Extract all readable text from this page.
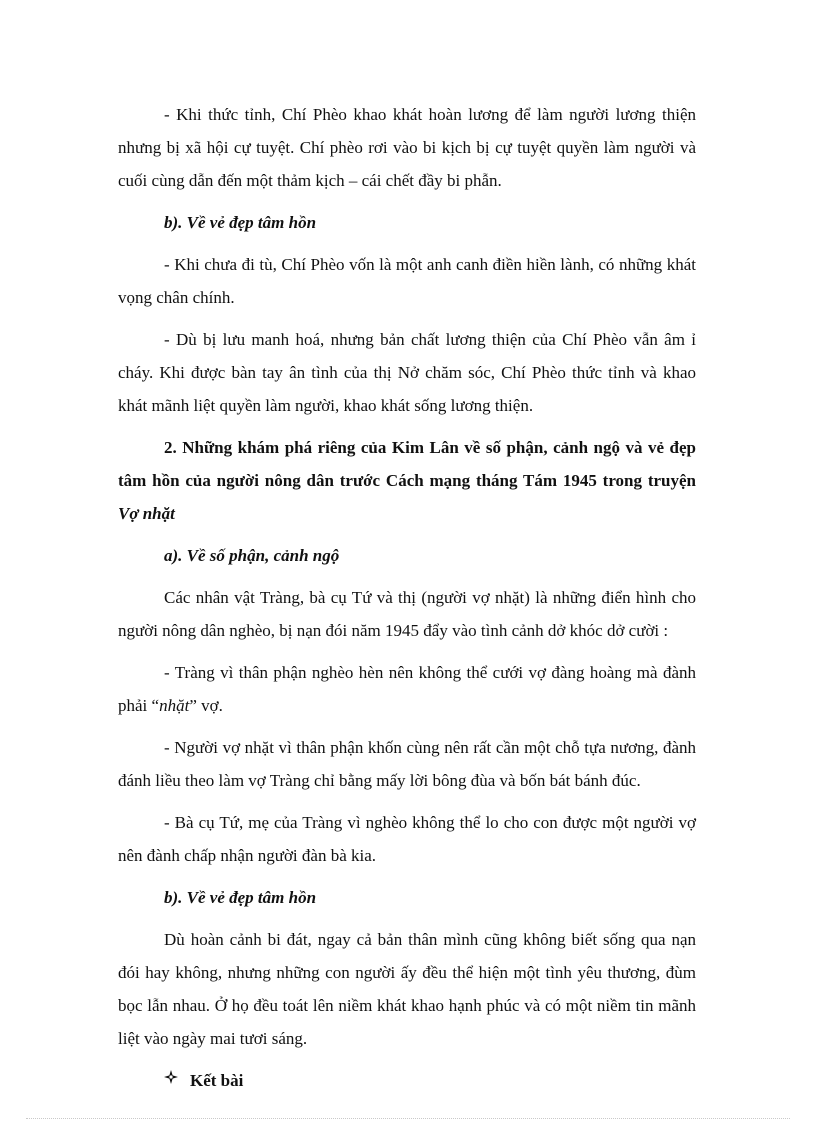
- Khi thức tỉnh, Chí Phèo khao khát hoàn lương để làm người lương thiện nhưng bị xã hội cự tuyệt. Chí phèo rơi vào bi kịch bị cự tuyệt quyền làm người và cuối cùng dẫn đến một thảm kịch – cái chết đầy bi phẫn.

b). Về vẻ đẹp tâm hồn

- Khi chưa đi tù, Chí Phèo vốn là một anh canh điền hiền lành, có những khát vọng chân chính.

- Dù bị lưu manh hoá, nhưng bản chất lương thiện của Chí Phèo vẫn âm ỉ cháy. Khi được bàn tay ân tình của thị Nở chăm sóc, Chí Phèo thức tỉnh và khao khát mãnh liệt quyền làm người, khao khát sống lương thiện.

2. Những khám phá riêng của Kim Lân về số phận, cảnh ngộ và vẻ đẹp tâm hồn của người nông dân trước Cách mạng tháng Tám 1945 trong truyện Vợ nhặt

a). Về số phận, cảnh ngộ

Các nhân vật Tràng, bà cụ Tứ và thị (người vợ nhặt) là những điển hình cho người nông dân nghèo, bị nạn đói năm 1945 đẩy vào tình cảnh dở khóc dở cười :

- Tràng vì thân phận nghèo hèn nên không thể cưới vợ đàng hoàng mà đành phải “nhặt” vợ.

- Người vợ nhặt vì thân phận khốn cùng nên rất cần một chỗ tựa nương, đành đánh liều theo làm vợ Tràng chỉ bằng mấy lời bông đùa và bốn bát bánh đúc.

- Bà cụ Tứ, mẹ của Tràng vì nghèo không thể lo cho con được một người vợ nên đành chấp nhận người đàn bà kia.

b). Về vẻ đẹp tâm hồn

Dù hoàn cảnh bi đát, ngay cả bản thân mình cũng không biết sống qua nạn đói hay không, nhưng những con người ấy đều thể hiện một tình yêu thương, đùm bọc lẫn nhau. Ở họ đều toát lên niềm khát khao hạnh phúc và có một niềm tin mãnh liệt vào ngày mai tươi sáng.

Kết bài
